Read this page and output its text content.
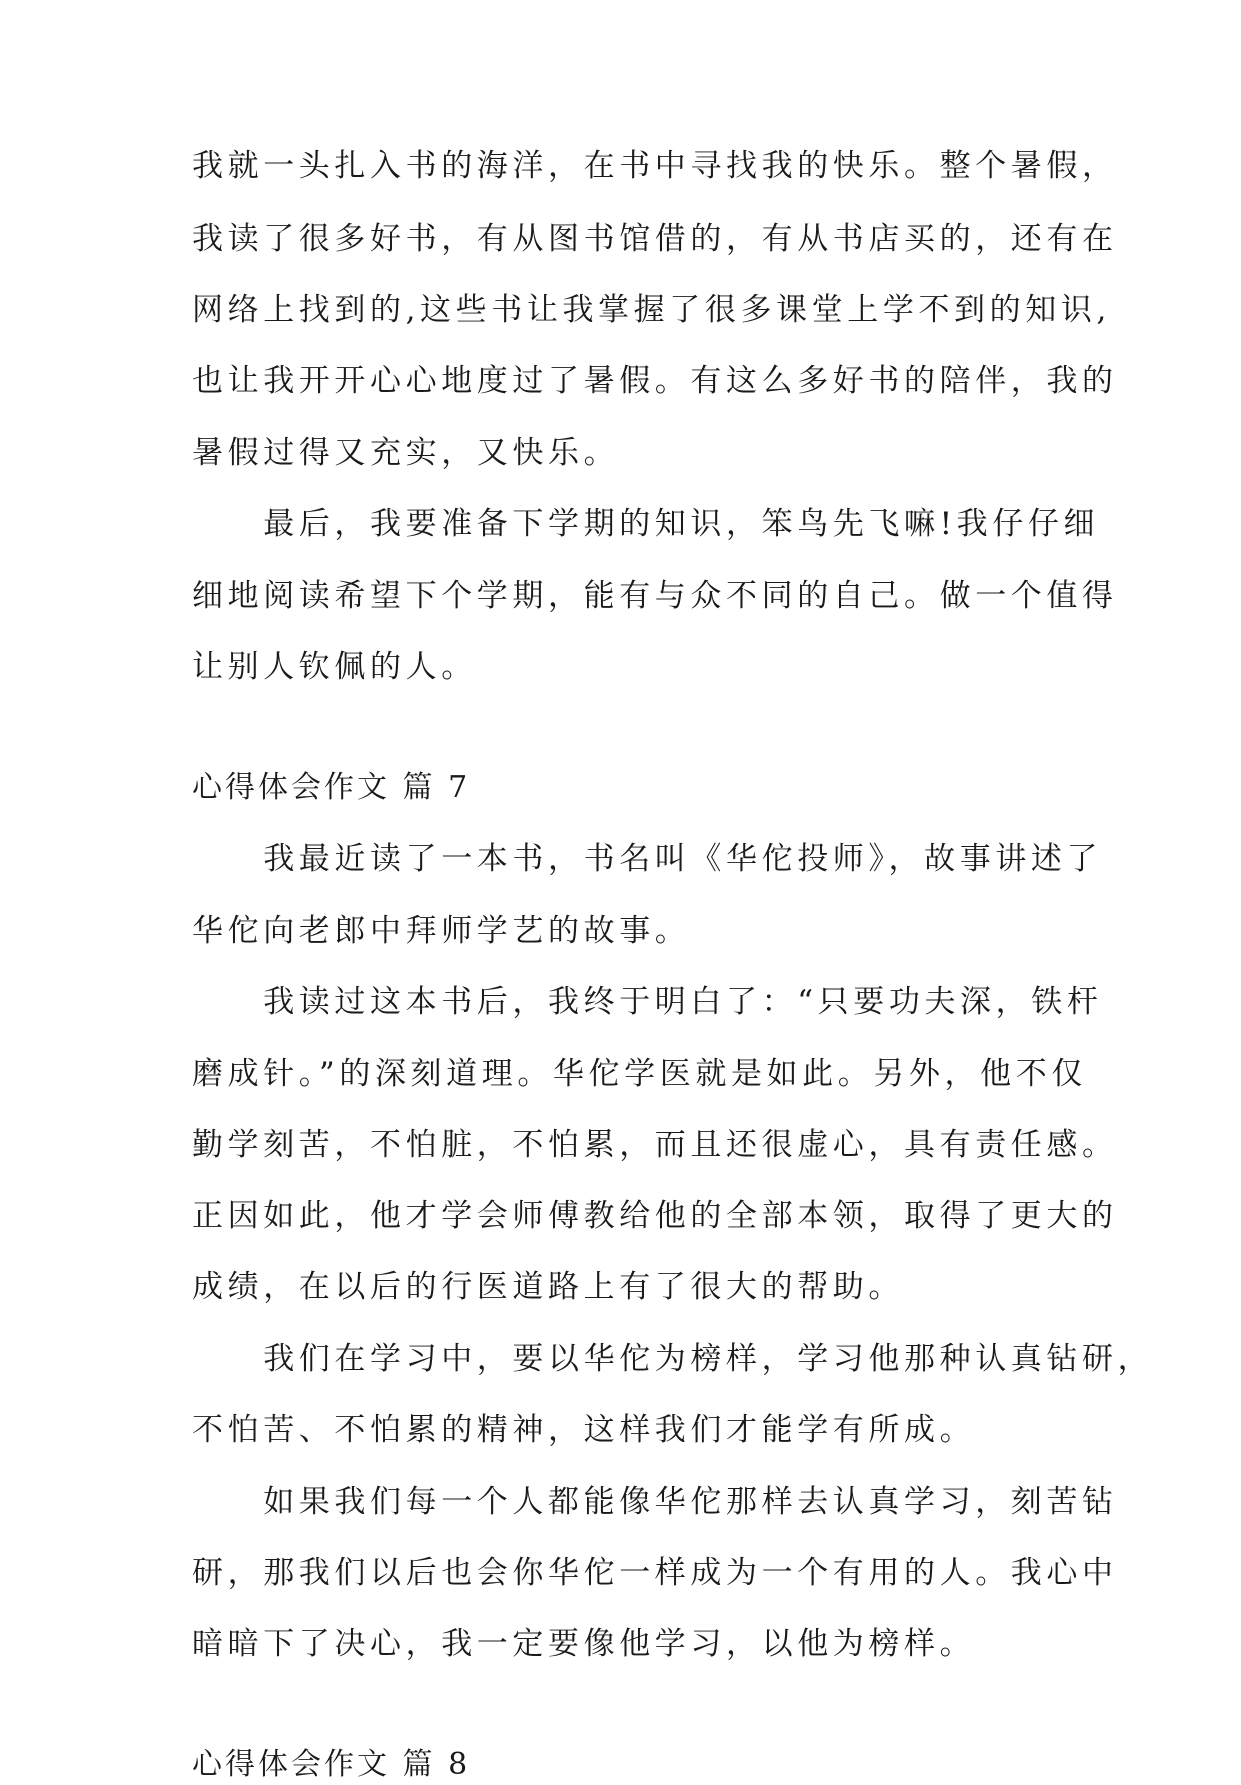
我就一头扎入书的海洋，在书中寻找我的快乐。整个暑假，
我读了很多好书，有从图书馆借的，有从书店买的，还有在
网络上找到的,这些书让我掌握了很多课堂上学不到的知识,
也让我开开心心地度过了暑假。有这么多好书的陪伴，我的
暑假过得又充实，又快乐。
　　最后，我要准备下学期的知识，笨鸟先飞嘛!我仔仔细
细地阅读希望下个学期，能有与众不同的自己。做一个值得
让别人钦佩的人。
心得体会作文 篇 7
　　我最近读了一本书，书名叫《华佗投师》，故事讲述了
华佗向老郎中拜师学艺的故事。
　　我读过这本书后，我终于明白了：“只要功夫深，铁杆
磨成针。”的深刻道理。华佗学医就是如此。另外，他不仅
勤学刻苦，不怕脏，不怕累，而且还很虚心，具有责任感。
正因如此，他才学会师傅教给他的全部本领，取得了更大的
成绩，在以后的行医道路上有了很大的帮助。
　　我们在学习中，要以华佗为榜样，学习他那种认真钻研，
不怕苦、不怕累的精神，这样我们才能学有所成。
　　如果我们每一个人都能像华佗那样去认真学习，刻苦钻
研，那我们以后也会你华佗一样成为一个有用的人。我心中
暗暗下了决心，我一定要像他学习，以他为榜样。
心得体会作文 篇 8
